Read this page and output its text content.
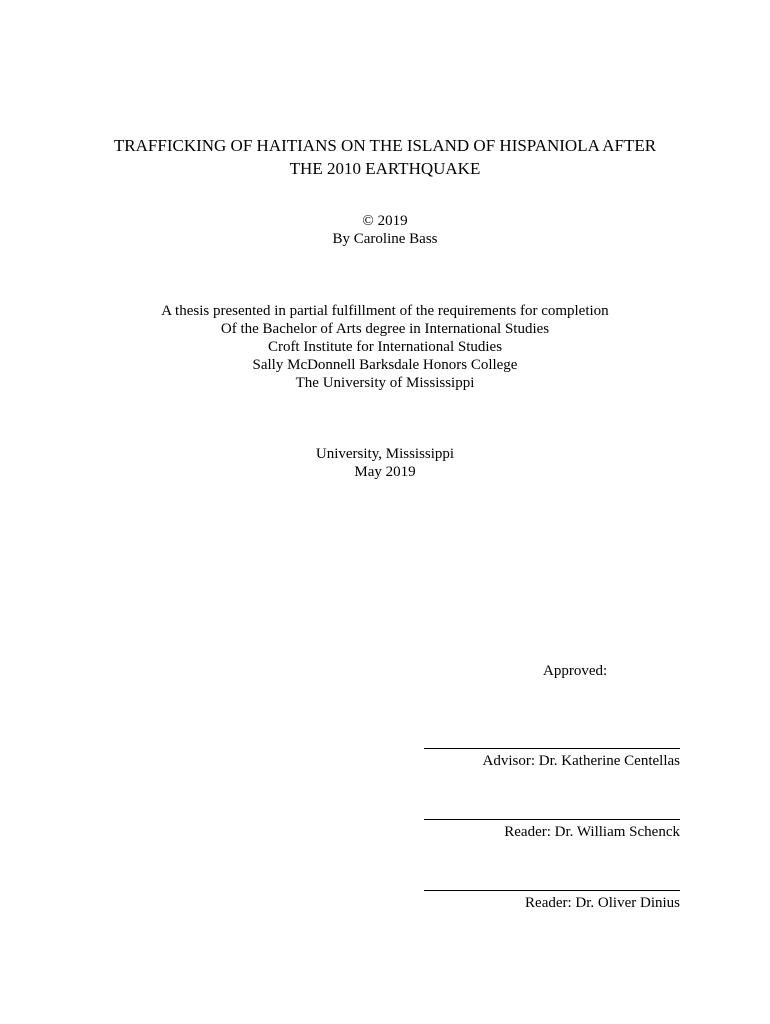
TRAFFICKING OF HAITIANS ON THE ISLAND OF HISPANIOLA AFTER
THE 2010 EARTHQUAKE
© 2019
By Caroline Bass
A thesis presented in partial fulfillment of the requirements for completion
Of the Bachelor of Arts degree in International Studies
Croft Institute for International Studies
Sally McDonnell Barksdale Honors College
The University of Mississippi
University, Mississippi
May 2019
Approved:
Advisor: Dr. Katherine Centellas
Reader: Dr. William Schenck
Reader: Dr. Oliver Dinius
